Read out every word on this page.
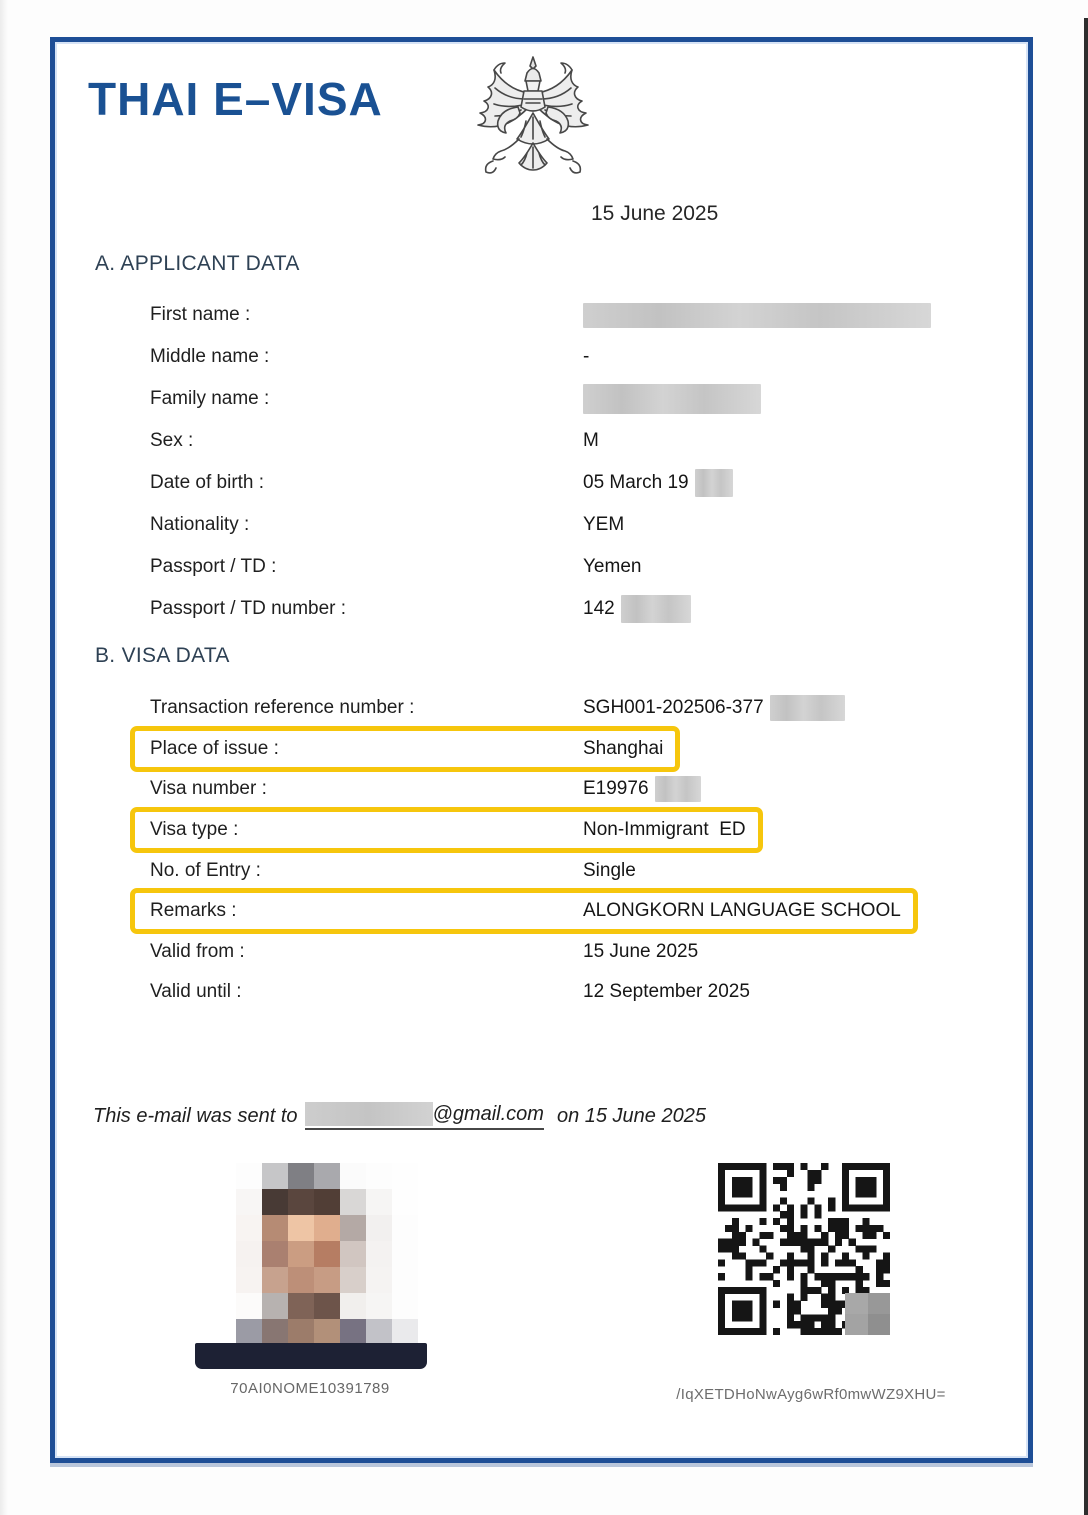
THAI E–VISA
15 June 2025
A. APPLICANT DATA
First name :
Middle name :	-
Family name :
Sex :	M
Date of birth :	05 March 19
Nationality :	YEM
Passport / TD :	Yemen
Passport / TD number :	142
B. VISA DATA
Transaction reference number :	SGH001-202506-377
Place of issue :	Shanghai
Visa number :	E19976
Visa type :	Non-Immigrant  ED
No. of Entry :	Single
Remarks :	ALONGKORN LANGUAGE SCHOOL
Valid from :	15 June 2025
Valid until :	12 September 2025
This e-mail was sent to	@gmail.com on 15 June 2025
70AI0NOME10391789	/IqXETDHoNwAyg6wRf0mwWZ9XHU=
